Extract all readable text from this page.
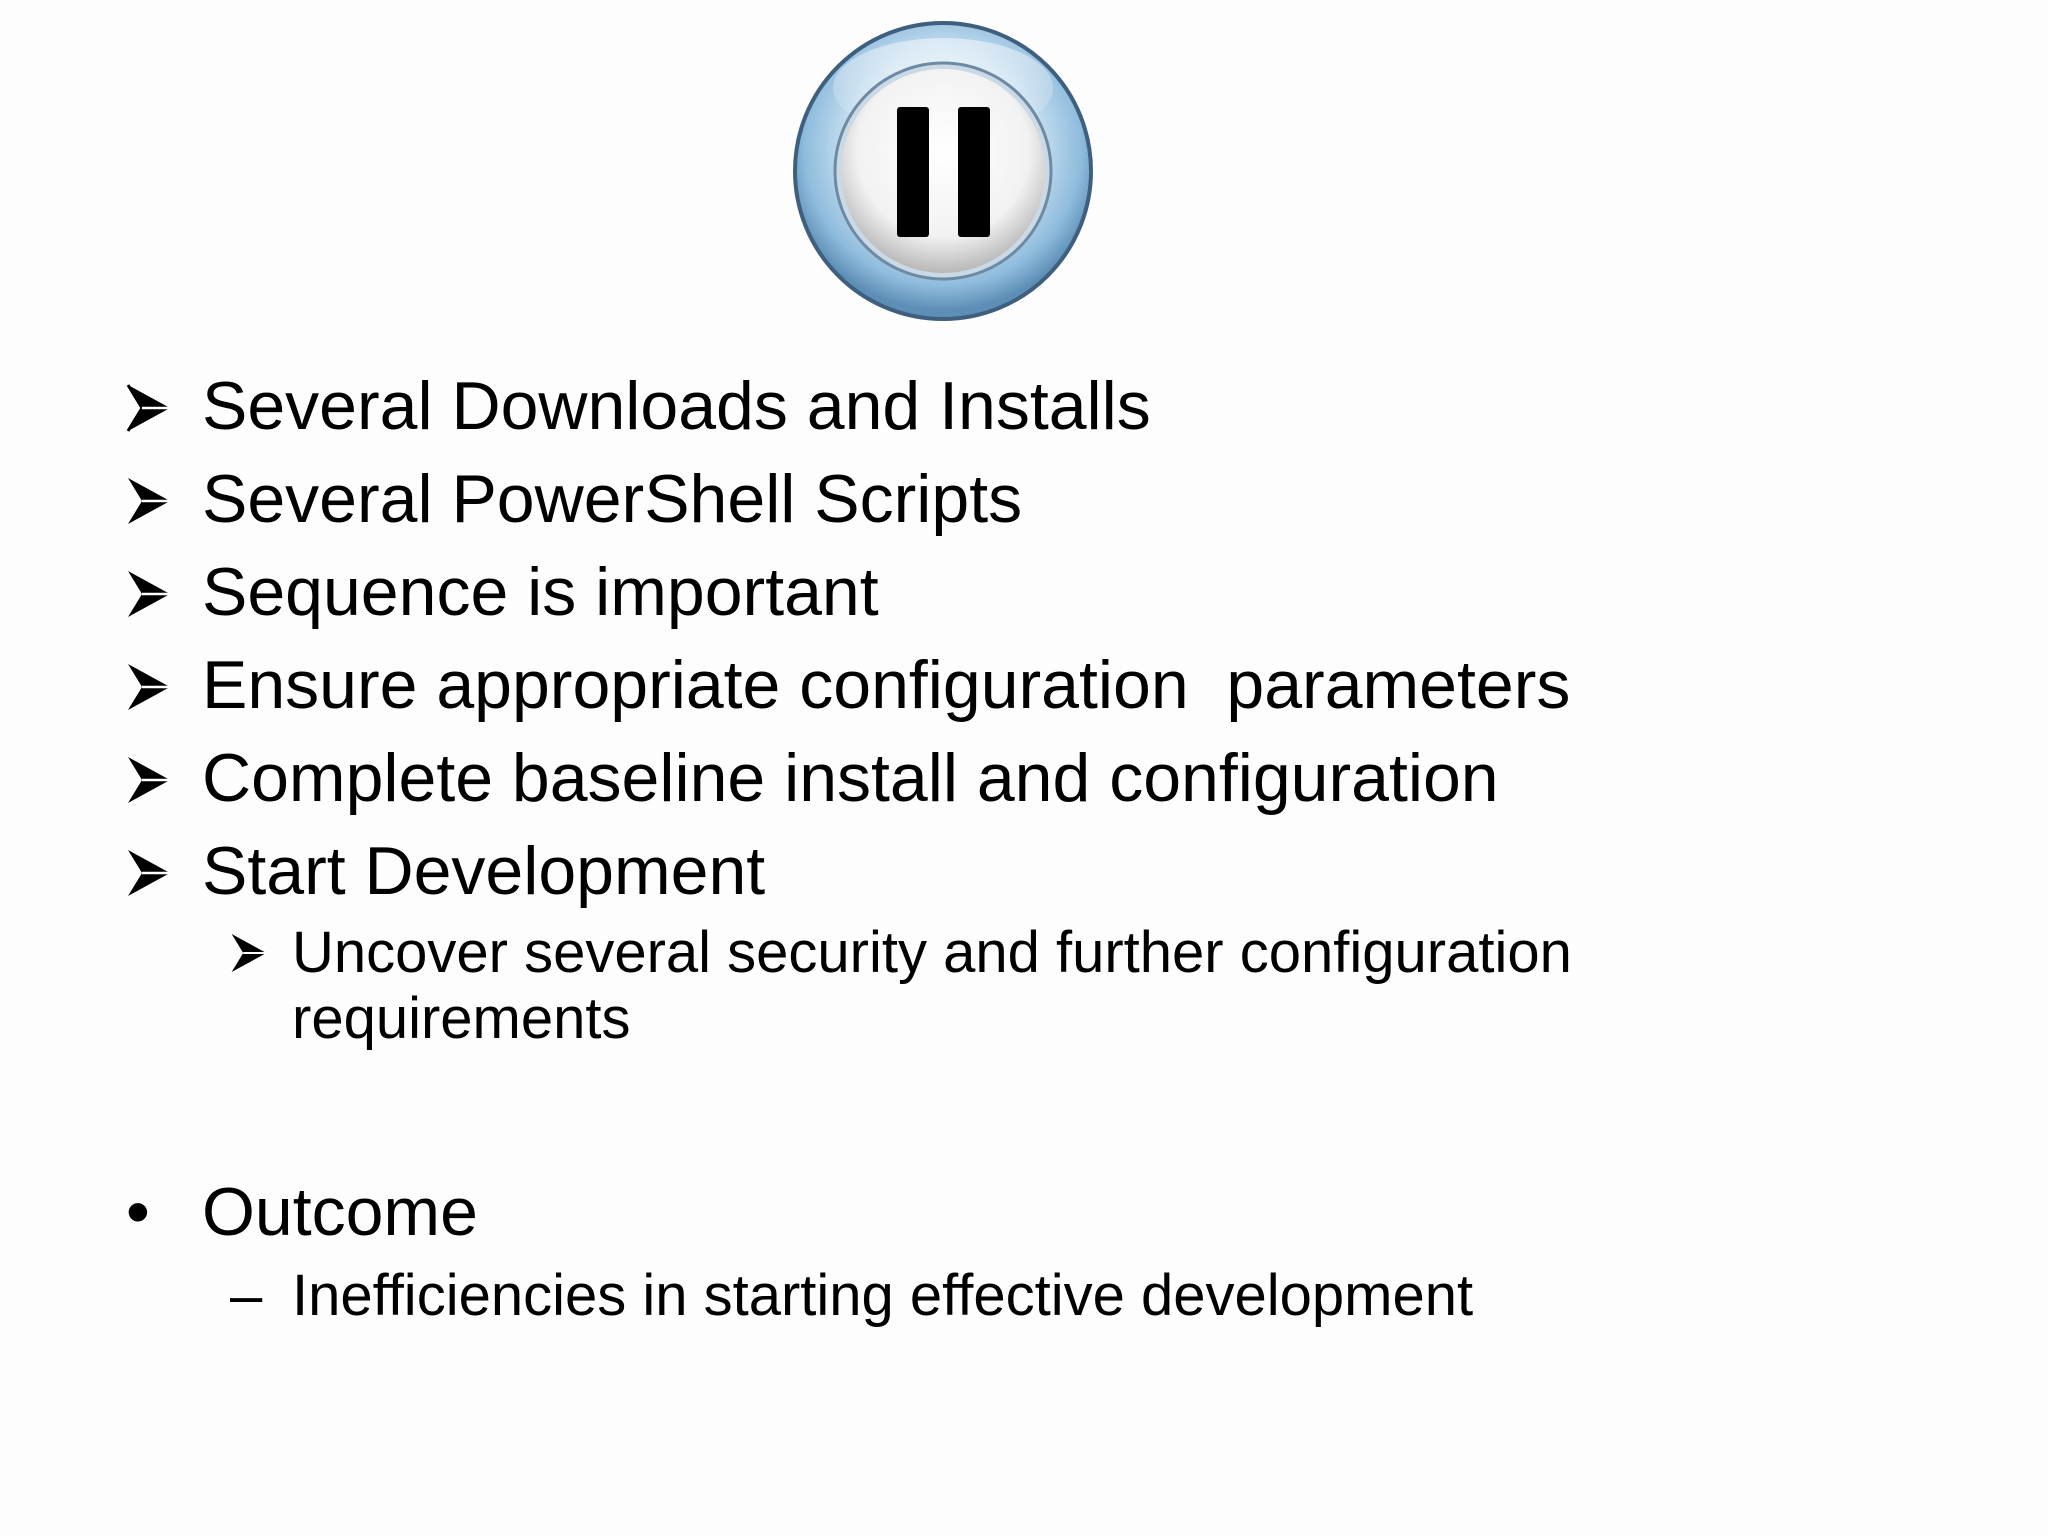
Several Downloads and Installs
Several PowerShell Scripts
Sequence is important
Ensure appropriate configuration  parameters
Complete baseline install and configuration
Start Development
Uncover several security and further configuration requirements
• Outcome
– Inefficiencies in starting effective development
